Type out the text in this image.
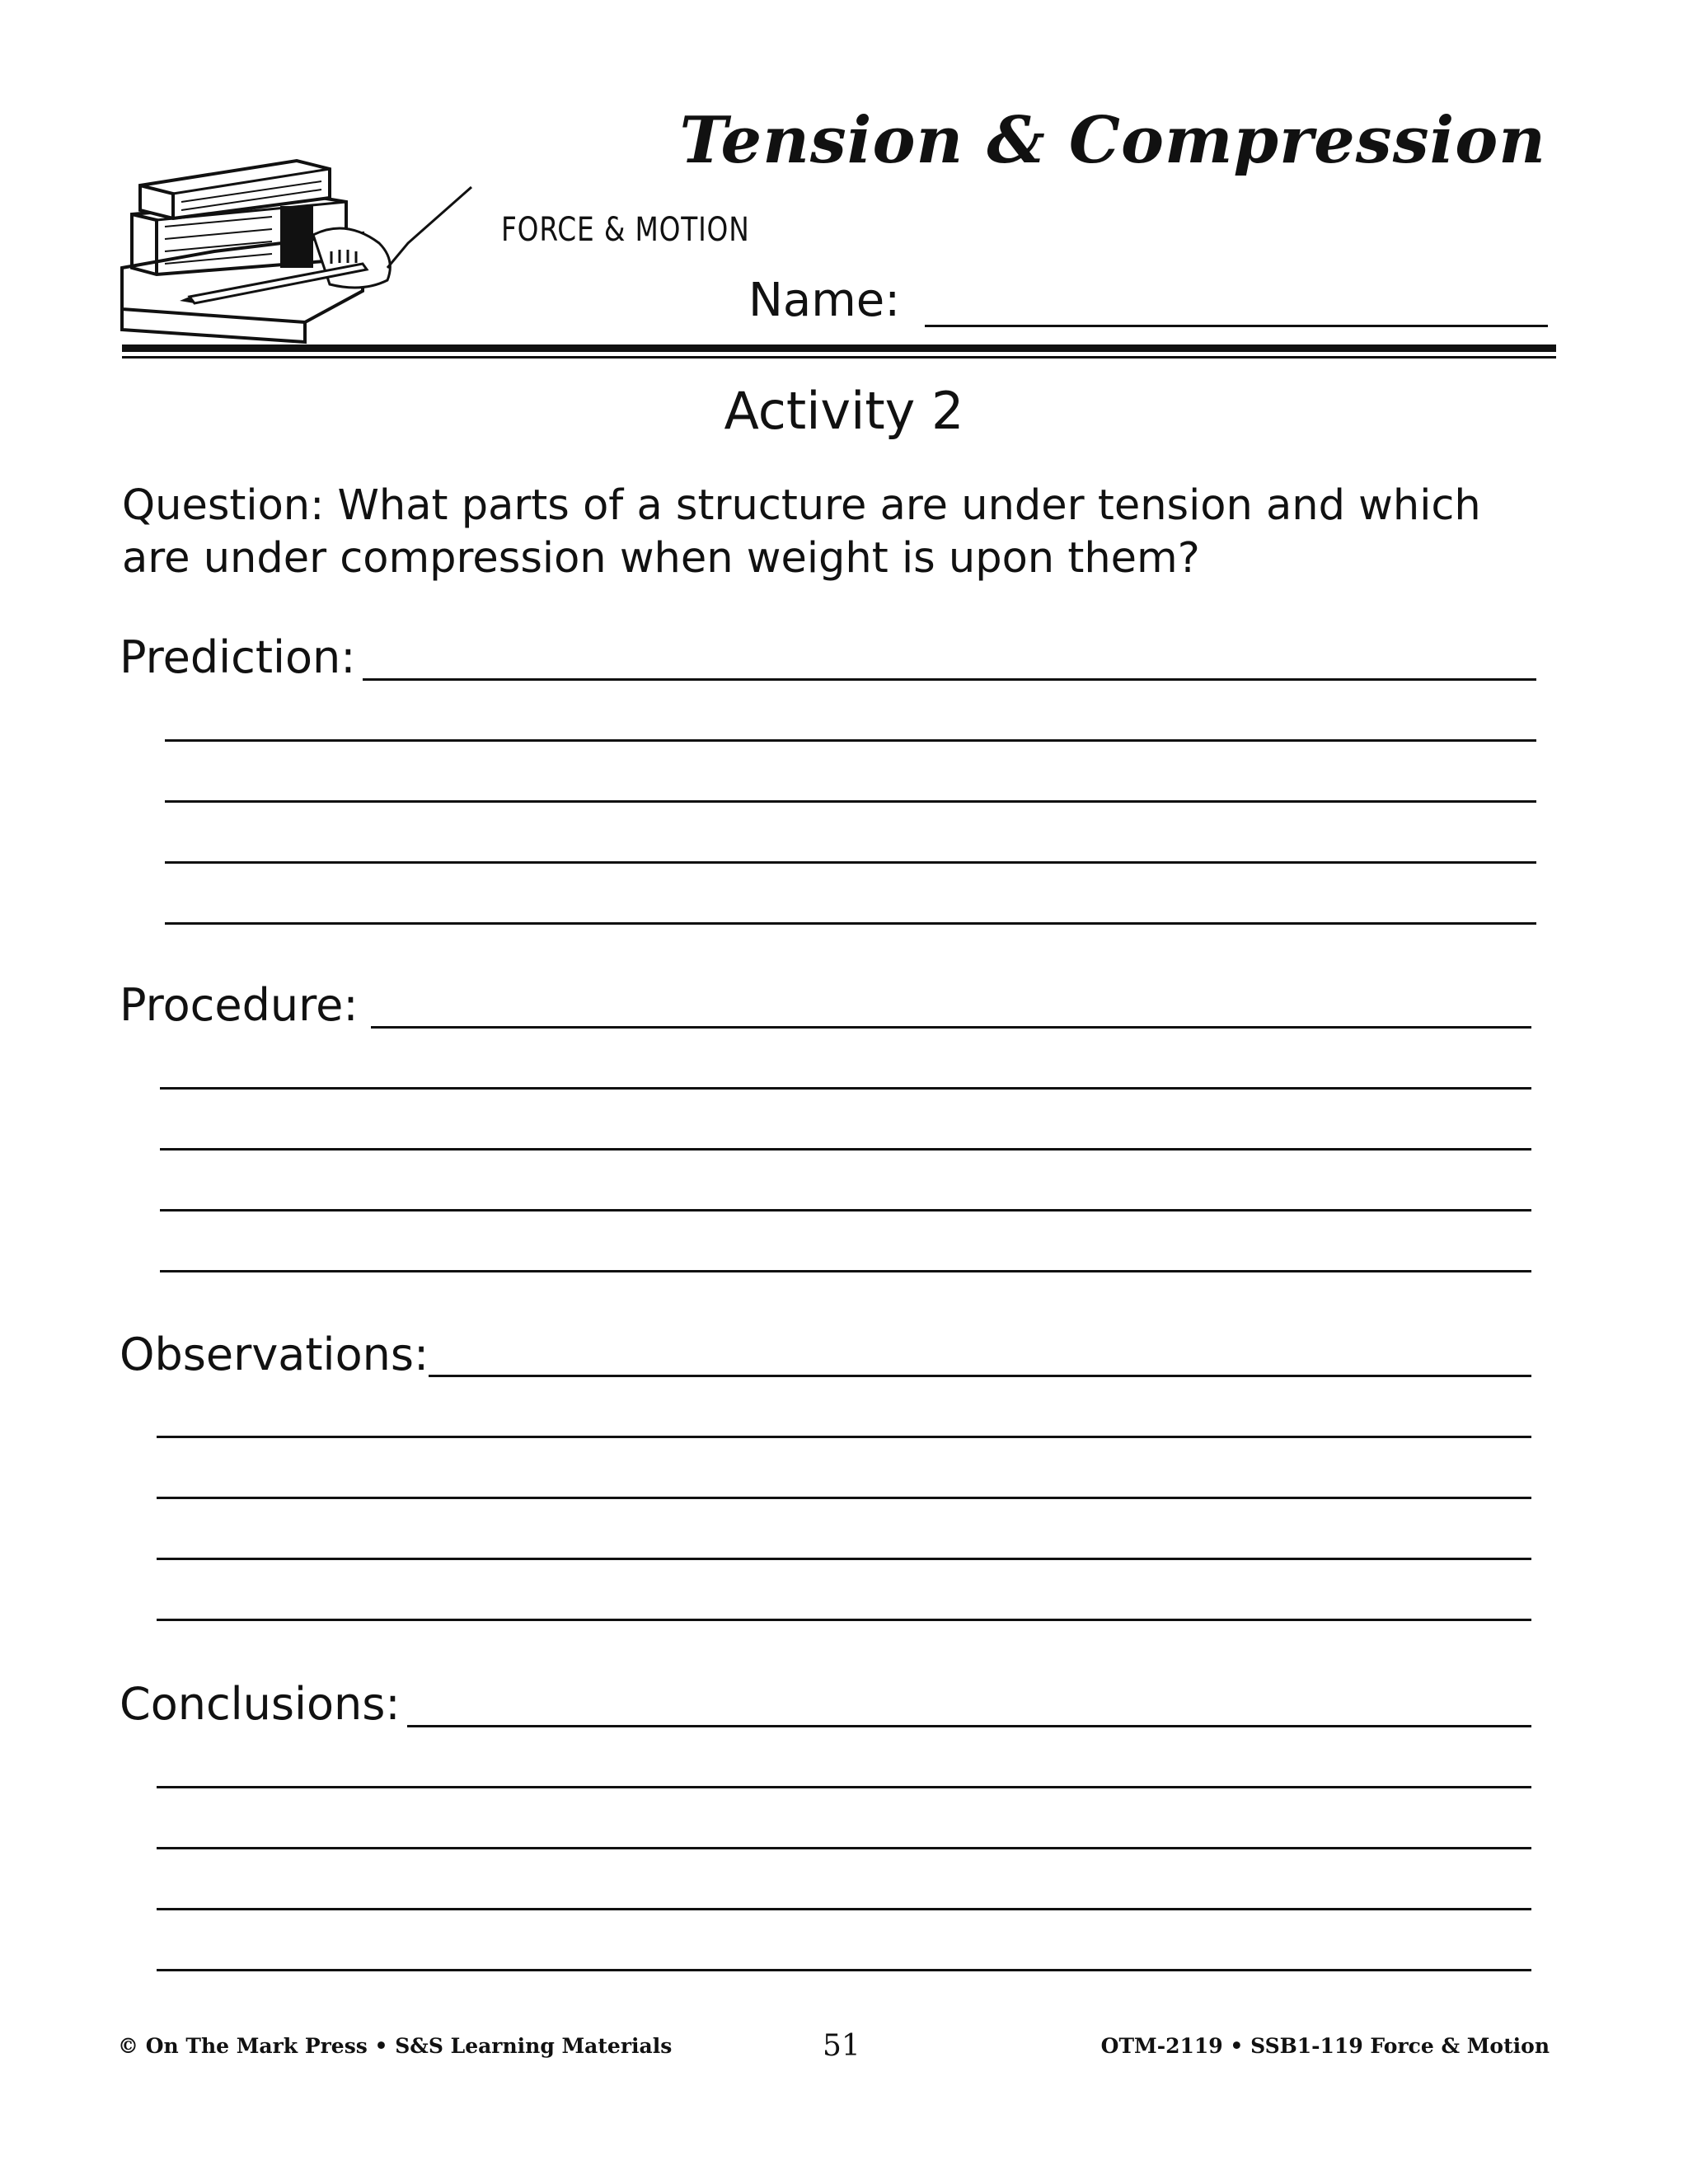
Tension & Compression
FORCE & MOTION
Name:
Activity 2

Question: What parts of a structure are under tension and which are under compression when weight is upon them?

Prediction:
Procedure:
Observations:
Conclusions:
© On The Mark Press • S&S Learning Materials	51	OTM-2119 • SSB1-119 Force & Motion
